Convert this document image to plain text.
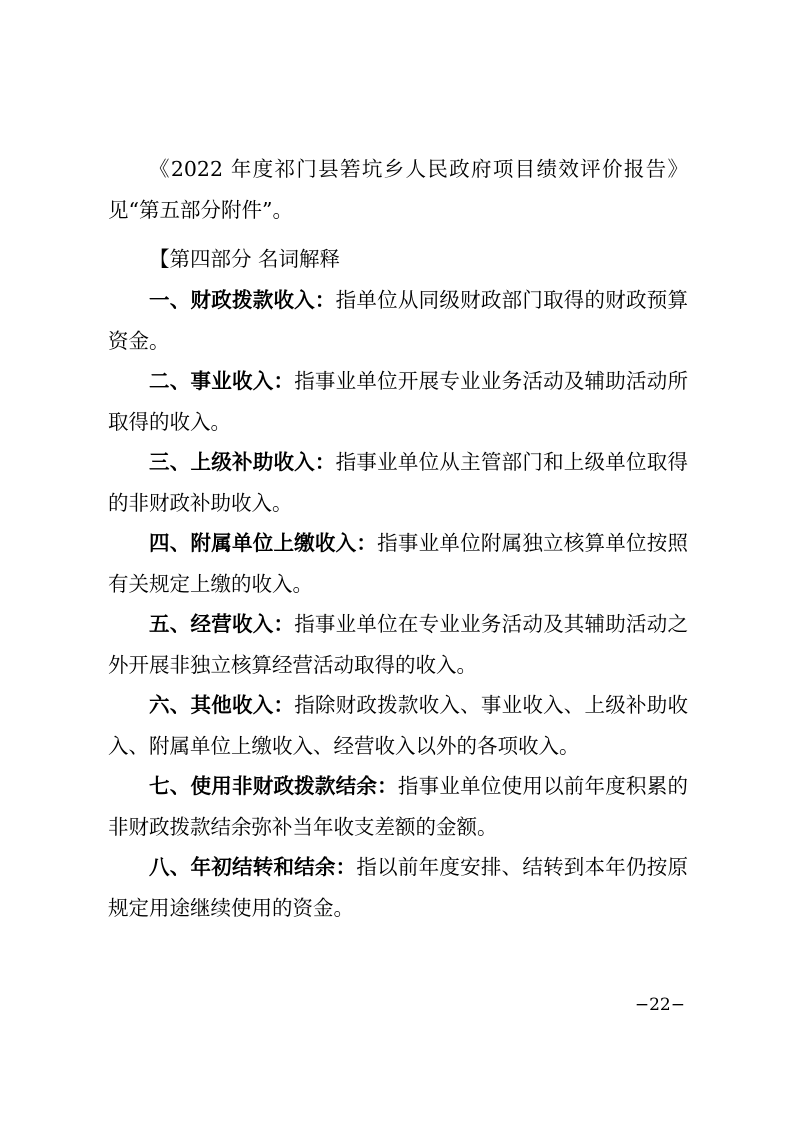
《2022 年度祁门县箬坑乡人民政府项目绩效评价报告》见“第五部分附件”。

【第四部分 名词解释

一、财政拨款收入：指单位从同级财政部门取得的财政预算资金。

二、事业收入：指事业单位开展专业业务活动及辅助活动所取得的收入。

三、上级补助收入：指事业单位从主管部门和上级单位取得的非财政补助收入。

四、附属单位上缴收入：指事业单位附属独立核算单位按照有关规定上缴的收入。

五、经营收入：指事业单位在专业业务活动及其辅助活动之外开展非独立核算经营活动取得的收入。

六、其他收入：指除财政拨款收入、事业收入、上级补助收入、附属单位上缴收入、经营收入以外的各项收入。

七、使用非财政拨款结余：指事业单位使用以前年度积累的非财政拨款结余弥补当年收支差额的金额。

八、年初结转和结余：指以前年度安排、结转到本年仍按原规定用途继续使用的资金。

−22−
